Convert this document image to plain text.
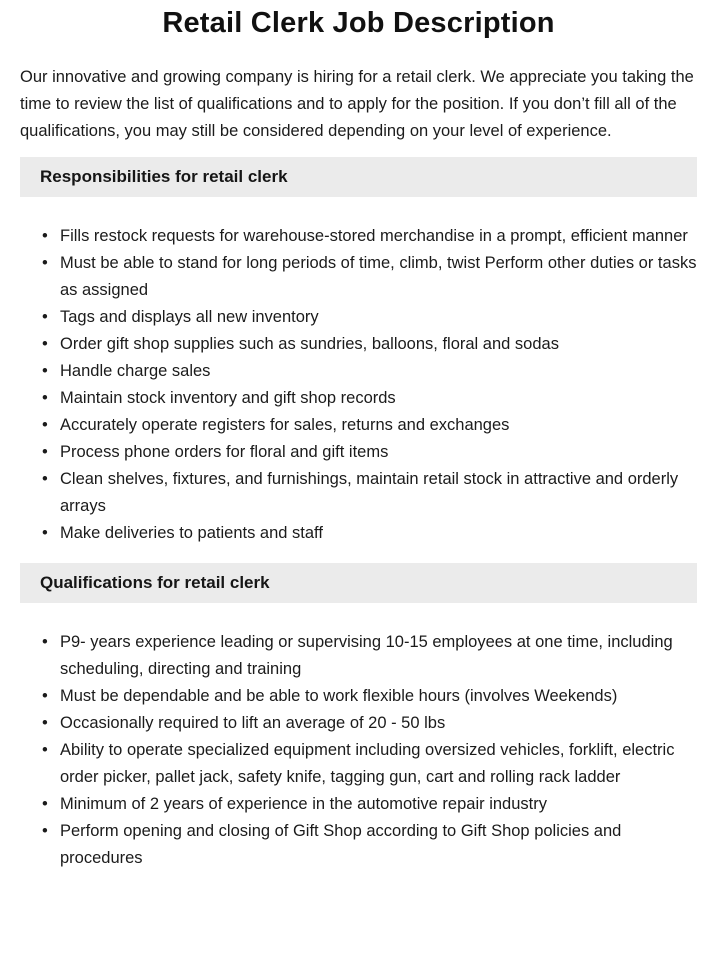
Retail Clerk Job Description

Our innovative and growing company is hiring for a retail clerk. We appreciate you taking the time to review the list of qualifications and to apply for the position. If you don’t fill all of the qualifications, you may still be considered depending on your level of experience.

Responsibilities for retail clerk
• Fills restock requests for warehouse-stored merchandise in a prompt, efficient manner
• Must be able to stand for long periods of time, climb, twist Perform other duties or tasks as assigned
• Tags and displays all new inventory
• Order gift shop supplies such as sundries, balloons, floral and sodas
• Handle charge sales
• Maintain stock inventory and gift shop records
• Accurately operate registers for sales, returns and exchanges
• Process phone orders for floral and gift items
• Clean shelves, fixtures, and furnishings, maintain retail stock in attractive and orderly arrays
• Make deliveries to patients and staff
Qualifications for retail clerk
• P9- years experience leading or supervising 10-15 employees at one time, including scheduling, directing and training
• Must be dependable and be able to work flexible hours (involves Weekends)
• Occasionally required to lift an average of 20 - 50 lbs
• Ability to operate specialized equipment including oversized vehicles, forklift, electric order picker, pallet jack, safety knife, tagging gun, cart and rolling rack ladder
• Minimum of 2 years of experience in the automotive repair industry
• Perform opening and closing of Gift Shop according to Gift Shop policies and procedures
